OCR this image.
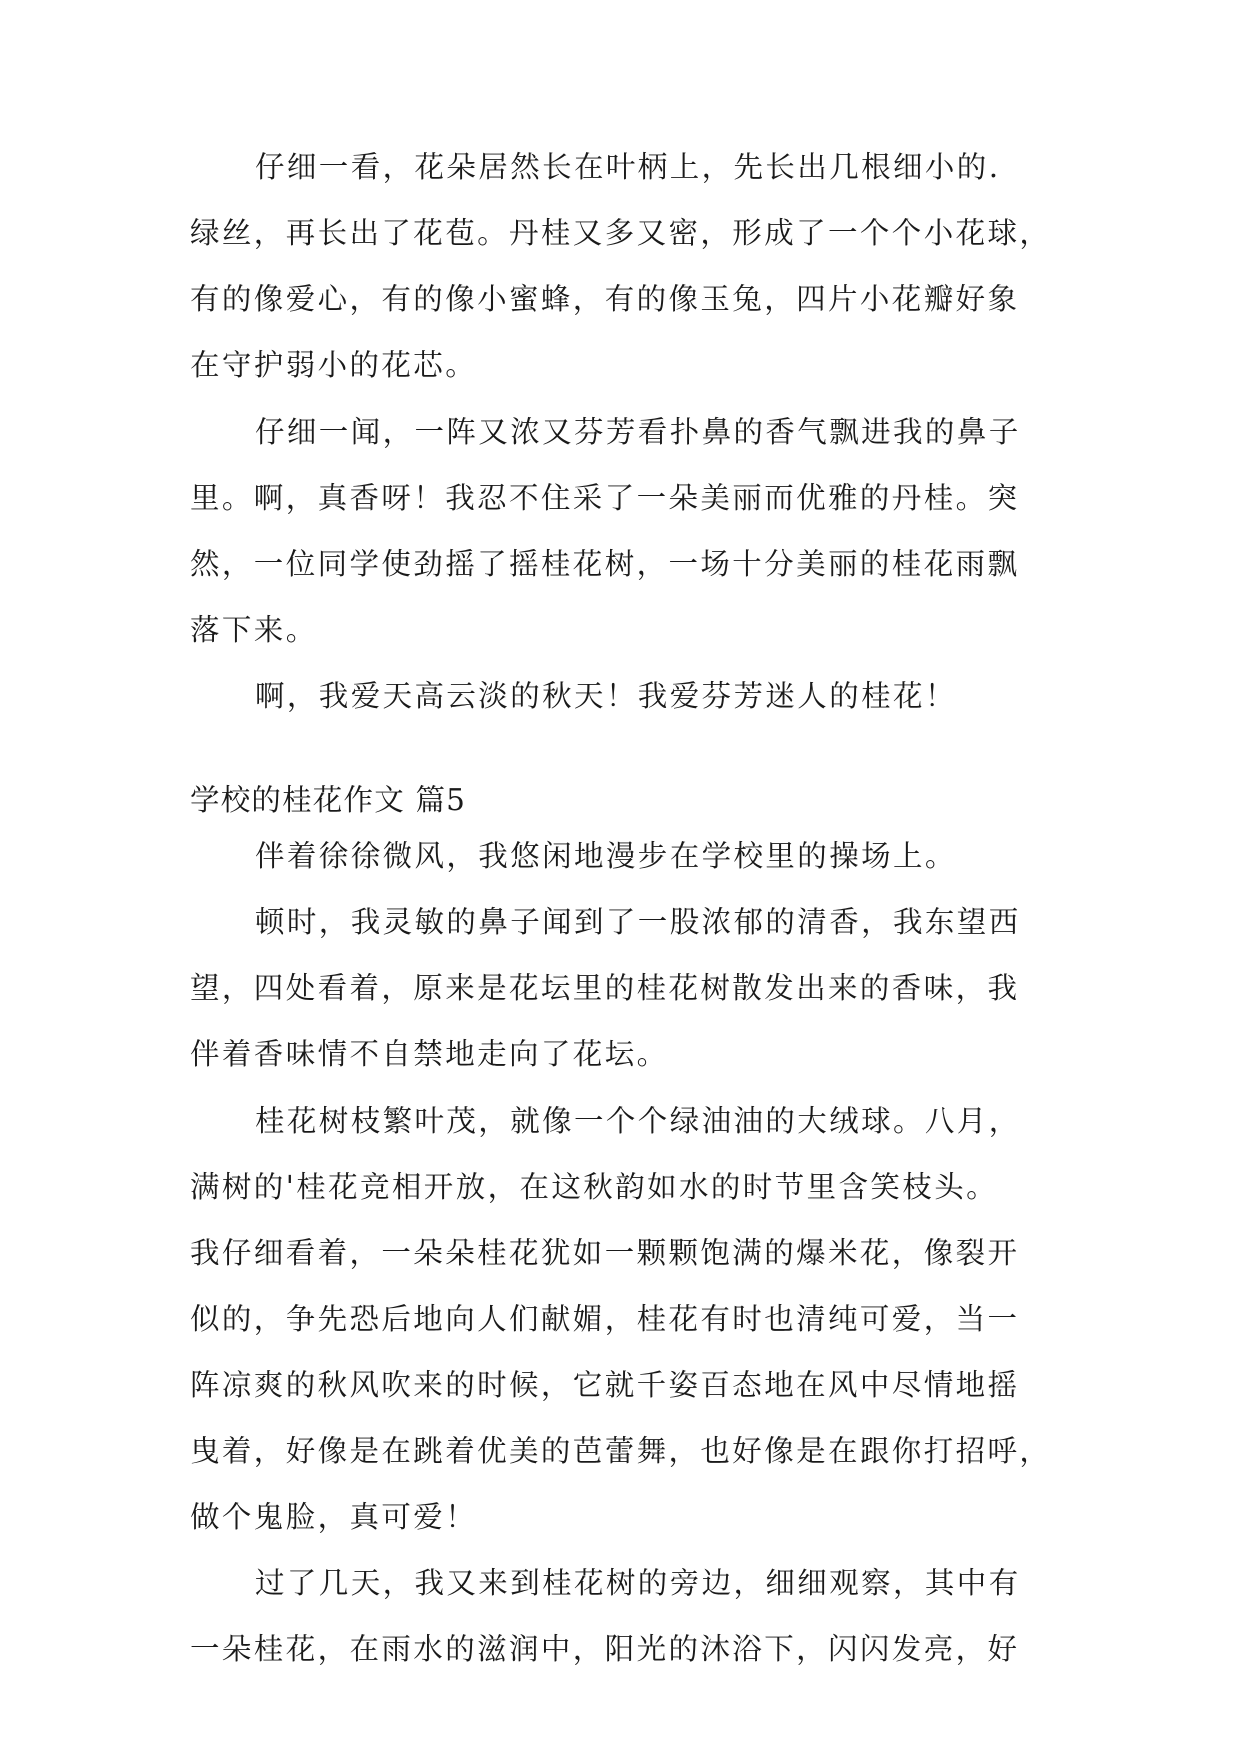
仔细一看，花朵居然长在叶柄上，先长出几根细小的.
绿丝，再长出了花苞。丹桂又多又密，形成了一个个小花球，
有的像爱心，有的像小蜜蜂，有的像玉兔，四片小花瓣好象
在守护弱小的花芯。
仔细一闻，一阵又浓又芬芳看扑鼻的香气飘进我的鼻子
里。啊，真香呀！我忍不住采了一朵美丽而优雅的丹桂。突
然，一位同学使劲摇了摇桂花树，一场十分美丽的桂花雨飘
落下来。
啊，我爱天高云淡的秋天！我爱芬芳迷人的桂花！
学校的桂花作文 篇5
伴着徐徐微风，我悠闲地漫步在学校里的操场上。
顿时，我灵敏的鼻子闻到了一股浓郁的清香，我东望西
望，四处看着，原来是花坛里的桂花树散发出来的香味，我
伴着香味情不自禁地走向了花坛。
桂花树枝繁叶茂，就像一个个绿油油的大绒球。八月，
满树的'桂花竞相开放，在这秋韵如水的时节里含笑枝头。
我仔细看着，一朵朵桂花犹如一颗颗饱满的爆米花，像裂开
似的，争先恐后地向人们献媚，桂花有时也清纯可爱，当一
阵凉爽的秋风吹来的时候，它就千姿百态地在风中尽情地摇
曳着，好像是在跳着优美的芭蕾舞，也好像是在跟你打招呼，
做个鬼脸，真可爱！
过了几天，我又来到桂花树的旁边，细细观察，其中有
一朵桂花，在雨水的滋润中，阳光的沐浴下，闪闪发亮，好
